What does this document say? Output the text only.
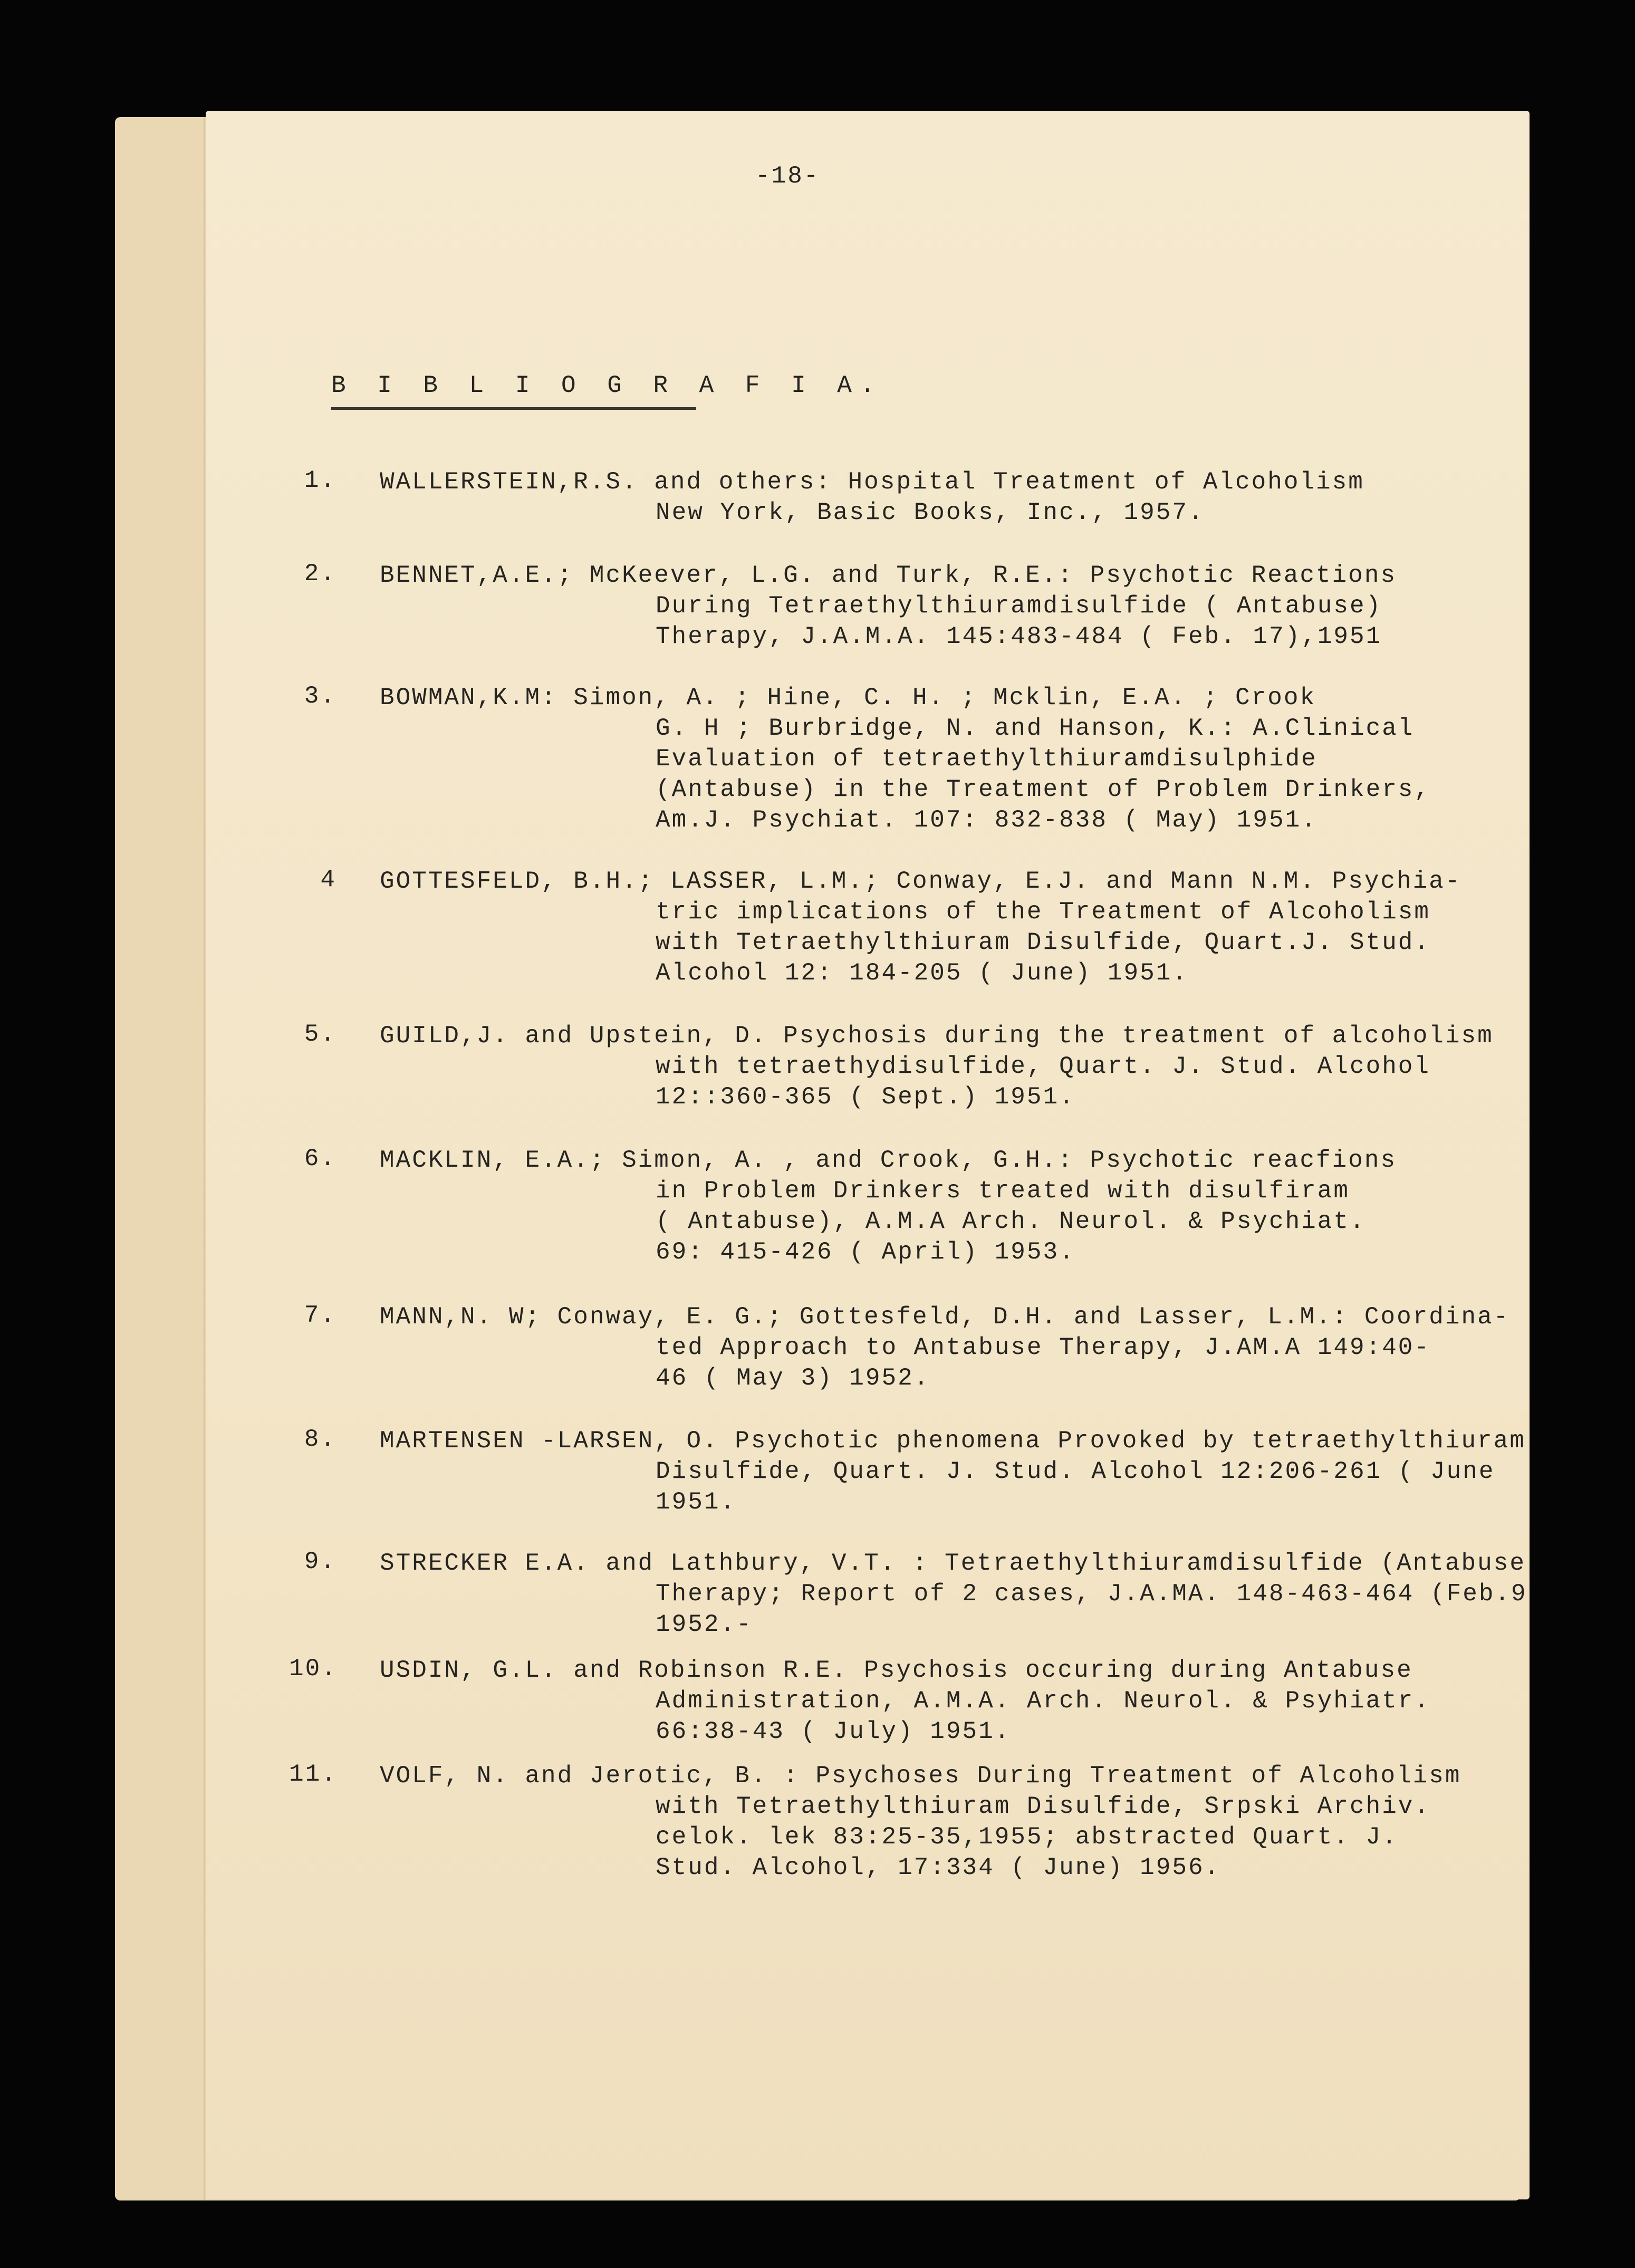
-18-
B I B L I O G R A F I A.
1. WALLERSTEIN,R.S. and others: Hospital Treatment of Alcoholism
New York, Basic Books, Inc., 1957.
2. BENNET,A.E.; McKeever, L.G. and Turk, R.E.: Psychotic Reactions
During Tetraethylthiuramdisulfide ( Antabuse)
Therapy, J.A.M.A. 145:483-484 ( Feb. 17),1951
3. BOWMAN,K.M: Simon, A. ; Hine, C. H. ; Mcklin, E.A. ; Crook
G. H ; Burbridge, N. and Hanson, K.: A.Clinical
Evaluation of tetraethylthiuramdisulphide
(Antabuse) in the Treatment of Problem Drinkers,
Am.J. Psychiat. 107: 832-838 ( May) 1951.
4 GOTTESFELD, B.H.; LASSER, L.M.; Conway, E.J. and Mann N.M. Psychia-
tric implications of the Treatment of Alcoholism
with Tetraethylthiuram Disulfide, Quart.J. Stud.
Alcohol 12: 184-205 ( June) 1951.
5. GUILD,J. and Upstein, D. Psychosis during the treatment of alcoholism
with tetraethydisulfide, Quart. J. Stud. Alcohol
12::360-365 ( Sept.) 1951.
6. MACKLIN, E.A.; Simon, A. , and Crook, G.H.: Psychotic reacfions
in Problem Drinkers treated with disulfiram
( Antabuse), A.M.A Arch. Neurol. & Psychiat.
69: 415-426 ( April) 1953.
7. MANN,N. W; Conway, E. G.; Gottesfeld, D.H. and Lasser, L.M.: Coordina-
ted Approach to Antabuse Therapy, J.AM.A 149:40-
46 ( May 3) 1952.
8. MARTENSEN -LARSEN, O. Psychotic phenomena Provoked by tetraethylthiuram
Disulfide, Quart. J. Stud. Alcohol 12:206-261 ( June
1951.
9. STRECKER E.A. and Lathbury, V.T. : Tetraethylthiuramdisulfide (Antabuse
Therapy; Report of 2 cases, J.A.MA. 148-463-464 (Feb.9
1952.-
10. USDIN, G.L. and Robinson R.E. Psychosis occuring during Antabuse
Administration, A.M.A. Arch. Neurol. & Psyhiatr.
66:38-43 ( July) 1951.
11. VOLF, N. and Jerotic, B. : Psychoses During Treatment of Alcoholism
with Tetraethylthiuram Disulfide, Srpski Archiv.
celok. lek 83:25-35,1955; abstracted Quart. J.
Stud. Alcohol, 17:334 ( June) 1956.
